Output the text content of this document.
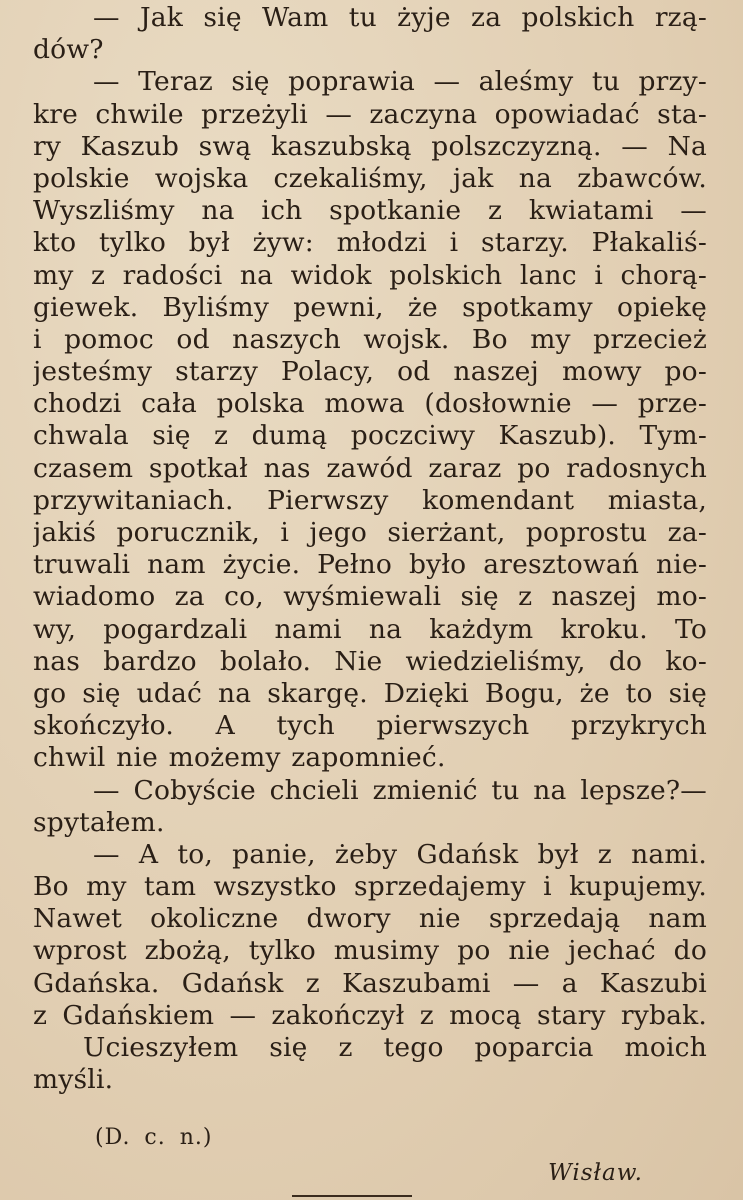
— Jak się Wam tu żyje za polskich rzą-
dów?
— Teraz się poprawia — aleśmy tu przy-
kre chwile przeżyli — zaczyna opowiadać sta-
ry Kaszub swą kaszubską polszczyzną. — Na
polskie wojska czekaliśmy, jak na zbawców.
Wyszliśmy na ich spotkanie z kwiatami —
kto tylko był żyw: młodzi i starzy. Płakaliś-
my z radości na widok polskich lanc i chorą-
giewek. Byliśmy pewni, że spotkamy opiekę
i pomoc od naszych wojsk. Bo my przecież
jesteśmy starzy Polacy, od naszej mowy po-
chodzi cała polska mowa (dosłownie — prze-
chwala się z dumą poczciwy Kaszub). Tym-
czasem spotkał nas zawód zaraz po radosnych
przywitaniach. Pierwszy komendant miasta,
jakiś porucznik, i jego sierżant, poprostu za-
truwali nam życie. Pełno było aresztowań nie-
wiadomo za co, wyśmiewali się z naszej mo-
wy, pogardzali nami na każdym kroku. To
nas bardzo bolało. Nie wiedzieliśmy, do ko-
go się udać na skargę. Dzięki Bogu, że to się
skończyło. A tych pierwszych przykrych
chwil nie możemy zapomnieć.
— Cobyście chcieli zmienić tu na lepsze?—
spytałem.
— A to, panie, żeby Gdańsk był z nami.
Bo my tam wszystko sprzedajemy i kupujemy.
Nawet okoliczne dwory nie sprzedają nam
wprost zbożą, tylko musimy po nie jechać do
Gdańska. Gdańsk z Kaszubami — a Kaszubi
z Gdańskiem — zakończył z mocą stary rybak.
Ucieszyłem się z tego poparcia moich
myśli.
(D. c. n.)
Wisław.
